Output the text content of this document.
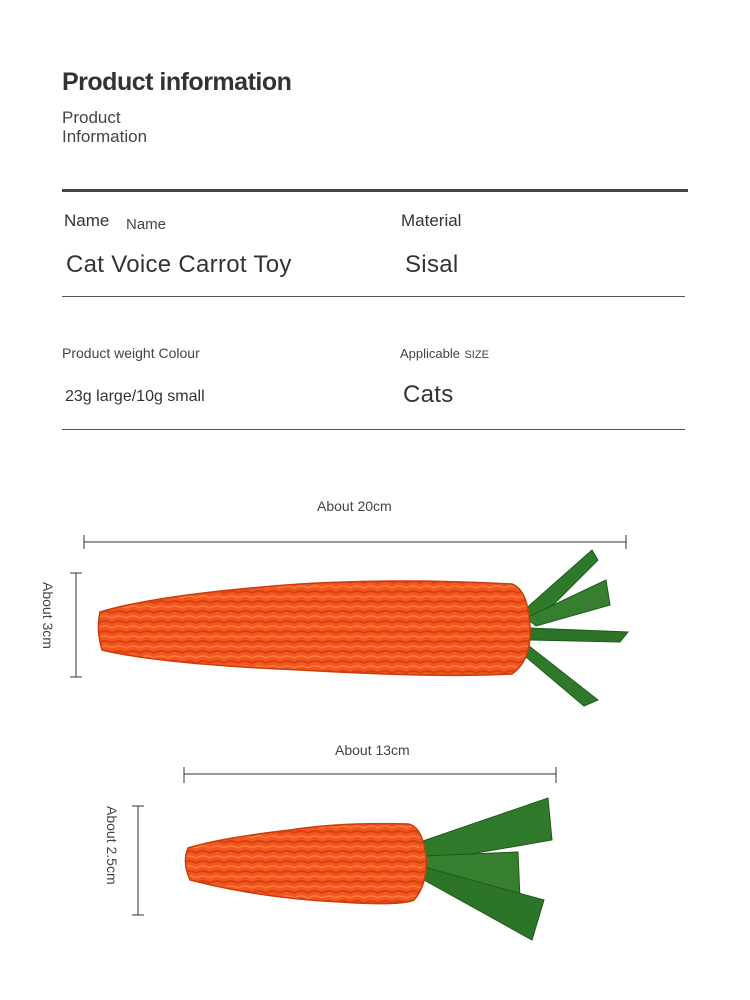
Product information
Product Information
Name Name	Material
Cat Voice Carrot Toy	Sisal
Product weight Colour	Applicable SIZE
23g large/10g small	Cats
About 20cm
About 3cm
About 13cm
About 2.5cm
